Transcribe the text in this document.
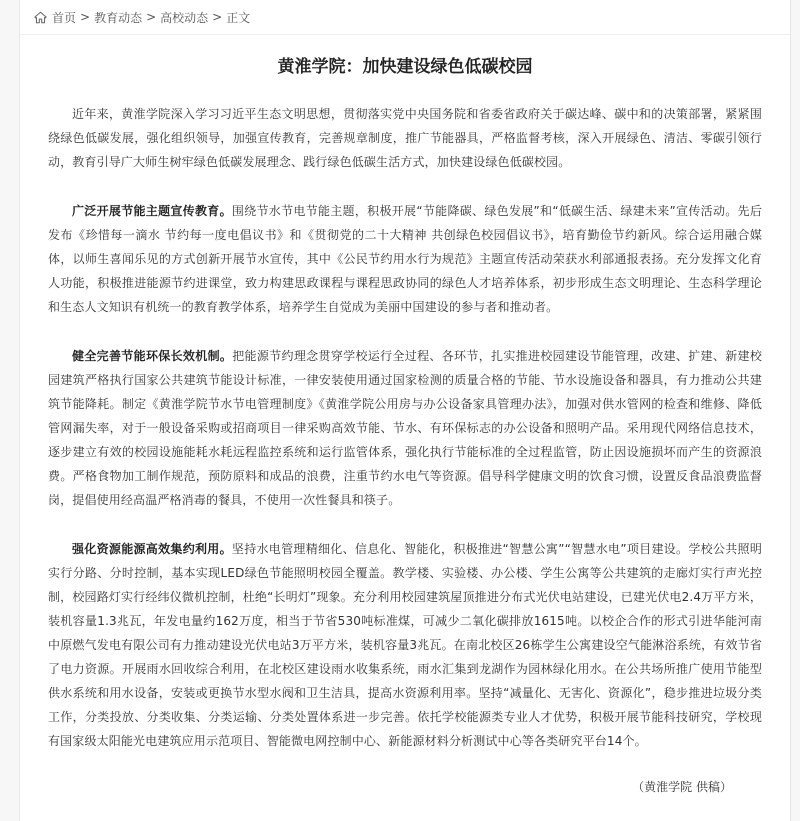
首页 > 教育动态 > 高校动态 > 正文
黄淮学院：加快建设绿色低碳校园

近年来，黄淮学院深入学习习近平生态文明思想，贯彻落实党中央国务院和省委省政府关于碳达峰、碳中和的决策部署，紧紧围绕绿色低碳发展，强化组织领导，加强宣传教育，完善规章制度，推广节能器具，严格监督考核，深入开展绿色、清洁、零碳引领行动，教育引导广大师生树牢绿色低碳发展理念、践行绿色低碳生活方式，加快建设绿色低碳校园。

广泛开展节能主题宣传教育。围绕节水节电节能主题，积极开展“节能降碳、绿色发展”和“低碳生活、绿建未来”宣传活动。先后发布《珍惜每一滴水 节约每一度电倡议书》和《贯彻党的二十大精神 共创绿色校园倡议书》，培育勤俭节约新风。综合运用融合媒体，以师生喜闻乐见的方式创新开展节水宣传，其中《公民节约用水行为规范》主题宣传活动荣获水利部通报表扬。充分发挥文化育人功能，积极推进能源节约进课堂，致力构建思政课程与课程思政协同的绿色人才培养体系，初步形成生态文明理论、生态科学理论和生态人文知识有机统一的教育教学体系，培养学生自觉成为美丽中国建设的参与者和推动者。

健全完善节能环保长效机制。把能源节约理念贯穿学校运行全过程、各环节，扎实推进校园建设节能管理，改建、扩建、新建校园建筑严格执行国家公共建筑节能设计标准，一律安装使用通过国家检测的质量合格的节能、节水设施设备和器具，有力推动公共建筑节能降耗。制定《黄淮学院节水节电管理制度》《黄淮学院公用房与办公设备家具管理办法》，加强对供水管网的检查和维修、降低管网漏失率，对于一般设备采购或招商项目一律采购高效节能、节水、有环保标志的办公设备和照明产品。采用现代网络信息技术，逐步建立有效的校园设施能耗水耗远程监控系统和运行监管体系，强化执行节能标准的全过程监管，防止因设施损坏而产生的资源浪费。严格食物加工制作规范，预防原料和成品的浪费，注重节约水电气等资源。倡导科学健康文明的饮食习惯，设置反食品浪费监督岗，提倡使用经高温严格消毒的餐具，不使用一次性餐具和筷子。

强化资源能源高效集约利用。坚持水电管理精细化、信息化、智能化，积极推进“智慧公寓”“智慧水电”项目建设。学校公共照明实行分路、分时控制，基本实现LED绿色节能照明校园全覆盖。教学楼、实验楼、办公楼、学生公寓等公共建筑的走廊灯实行声光控制，校园路灯实行经纬仪微机控制，杜绝“长明灯”现象。充分利用校园建筑屋顶推进分布式光伏电站建设，已建光伏电2.4万平方米，装机容量1.3兆瓦，年发电量约162万度，相当于节省530吨标准煤，可减少二氧化碳排放1615吨。以校企合作的形式引进华能河南中原燃气发电有限公司有力推动建设光伏电站3万平方米，装机容量3兆瓦。在南北校区26栋学生公寓建设空气能淋浴系统，有效节省了电力资源。开展雨水回收综合利用，在北校区建设雨水收集系统，雨水汇集到龙湖作为园林绿化用水。在公共场所推广使用节能型供水系统和用水设备，安装或更换节水型水阀和卫生洁具，提高水资源利用率。坚持“减量化、无害化、资源化”，稳步推进垃圾分类工作，分类投放、分类收集、分类运输、分类处置体系进一步完善。依托学校能源类专业人才优势，积极开展节能科技研究，学校现有国家级太阳能光电建筑应用示范项目、智能微电网控制中心、新能源材料分析测试中心等各类研究平台14个。

（黄淮学院 供稿）
